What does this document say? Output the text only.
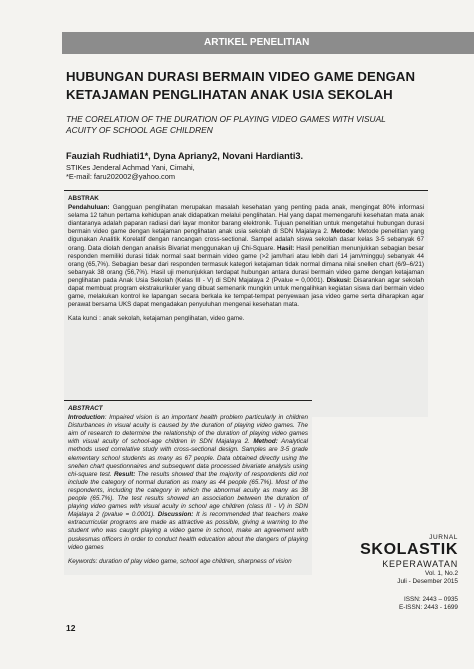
ARTIKEL PENELITIAN
HUBUNGAN DURASI BERMAIN VIDEO GAME DENGAN
KETAJAMAN PENGLIHATAN ANAK USIA SEKOLAH
THE CORELATION OF THE DURATION OF PLAYING VIDEO GAMES WITH VISUAL
ACUITY OF SCHOOL AGE CHILDREN
Fauziah Rudhiati1*, Dyna Apriany2, Novani Hardianti3.
STIKes Jenderal Achmad Yani, Cimahi,
*E-mail: faru202002@yahoo.com
ABSTRAK
Pendahuluan: Gangguan penglihatan merupakan masalah kesehatan yang penting pada anak, mengingat 80% informasi selama 12 tahun pertama kehidupan anak didapatkan melalui penglihatan. Hal yang dapat memengaruhi kesehatan mata anak diantaranya adalah paparan radiasi dari layar monitor barang elektronik. Tujuan penelitian untuk mengetahui hubungan durasi bermain video game dengan ketajaman penglihatan anak usia sekolah di SDN Majalaya 2. Metode: Metode penelitian yang digunakan Analitik Korelatif dengan rancangan cross-sectional. Sampel adalah siswa sekolah dasar kelas 3-5 sebanyak 67 orang. Data diolah dengan analisis Bivariat menggunakan uji Chi-Square. Hasil: Hasil penelitian menunjukkan sebagian besar responden memiliki durasi tidak normal saat bermain video game (>2 jam/hari atau lebih dari 14 jam/minggu) sebanyak 44 orang (65,7%). Sebagian besar dari responden termasuk kategori ketajaman tidak normal dimana nilai snellen chart (6/9–6/21) sebanyak 38 orang (56,7%). Hasil uji menunjukkan terdapat hubungan antara durasi bermain video game dengan ketajaman penglihatan pada Anak Usia Sekolah (Kelas III - V) di SDN Majalaya 2 (Pvalue = 0,0001). Diskusi: Disarankan agar sekolah dapat membuat program ekstrakurikuler yang dibuat semenarik mungkin untuk mengalihkan kegiatan siswa dari bermain video game, melakukan kontrol ke lapangan secara berkala ke tempat-tempat penyewaan jasa video game serta diharapkan agar perawat bersama UKS dapat mengadakan penyuluhan mengenai kesehatan mata.
Kata kunci : anak sekolah, ketajaman penglihatan, video game.
ABSTRACT
Introduction: Impaired vision is an important health problem particularly in children Disturbances in visual acuity is caused by the duration of playing video games. The aim of research to determine the relationship of the duration of playing video games with visual acuity of school-age children in SDN Majalaya 2. Method: Analytical methods used correlative study with cross-sectional design. Samples are 3-5 grade elementary school students as many as 67 people. Data obtained directly using the snellen chart questionnaires and subsequent data processed bivariate analysis using chi-square test. Result: The results showed that the majority of respondents did not include the category of normal duration as many as 44 people (65.7%). Most of the respondents, including the category in which the abnormal acuity as many as 38 people (65.7%). The test results showed an association between the duration of playing video games with visual acuity in school age children (class III - V) in SDN Majalaya 2 (pvalue = 0.0001). Discussion: It is recommended that teachers make extracurricular programs are made as attractive as possible, giving a warning to the student who was caught playing a video game in school, make an agreement with puskesmas officers in order to conduct health education about the dangers of playing video games
Keywords: duration of play video game, school age children, sharpness of vision
JURNAL
SKOLASTIK
KEPERAWATAN
Vol. 1, No.2
Juli - Desember 2015
ISSN: 2443 – 0935
E-ISSN: 2443 - 1699
12
